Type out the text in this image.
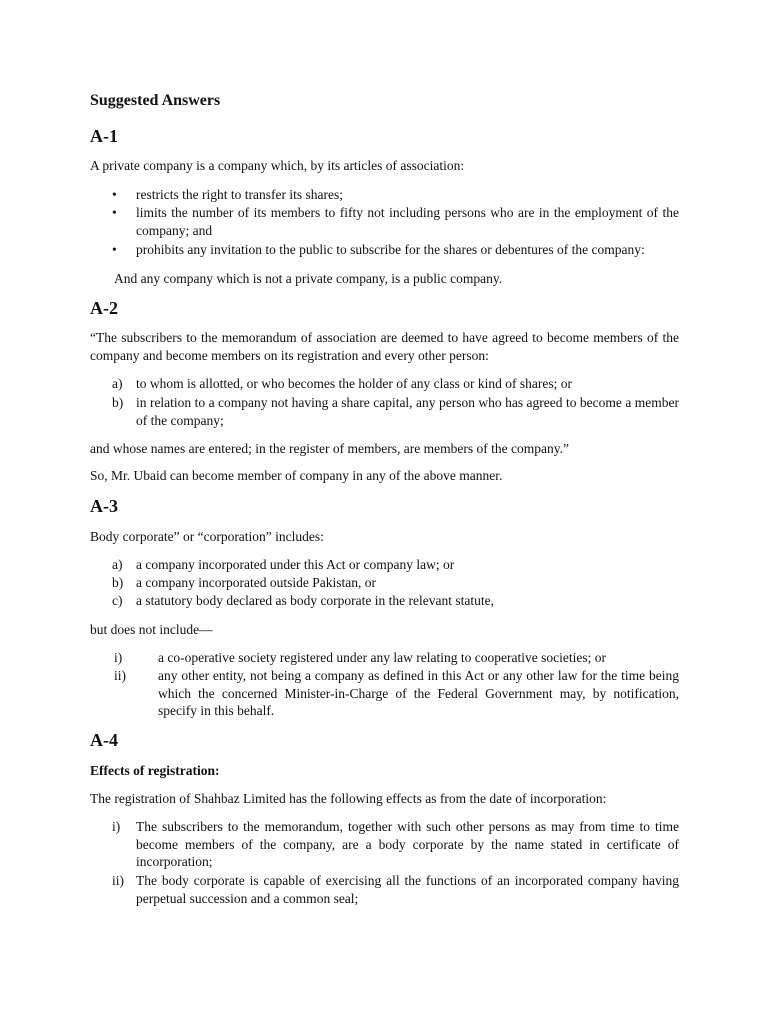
Suggested Answers
A-1

A private company is a company which, by its articles of association:

• restricts the right to transfer its shares;
• limits the number of its members to fifty not including persons who are in the employment of the company; and
• prohibits any invitation to the public to subscribe for the shares or debentures of the company:

And any company which is not a private company, is a public company.

A-2

“The subscribers to the memorandum of association are deemed to have agreed to become members of the company and become members on its registration and every other person:

a) to whom is allotted, or who becomes the holder of any class or kind of shares; or
b) in relation to a company not having a share capital, any person who has agreed to become a member of the company;

and whose names are entered; in the register of members, are members of the company.”

So, Mr. Ubaid can become member of company in any of the above manner.

A-3

Body corporate” or “corporation” includes:

a) a company incorporated under this Act or company law; or
b) a company incorporated outside Pakistan, or
c) a statutory body declared as body corporate in the relevant statute,

but does not include—

i)	a co-operative society registered under any law relating to cooperative societies; or
ii) any other entity, not being a company as defined in this Act or any other law for the time being which the concerned Minister-in-Charge of the Federal Government may, by notification, specify in this behalf.
A-4

Effects of registration:

The registration of Shahbaz Limited has the following effects as from the date of incorporation:

i) The subscribers to the memorandum, together with such other persons as may from time to time become members of the company, are a body corporate by the name stated in certificate of incorporation;
ii) The body corporate is capable of exercising all the functions of an incorporated company having perpetual succession and a common seal;
